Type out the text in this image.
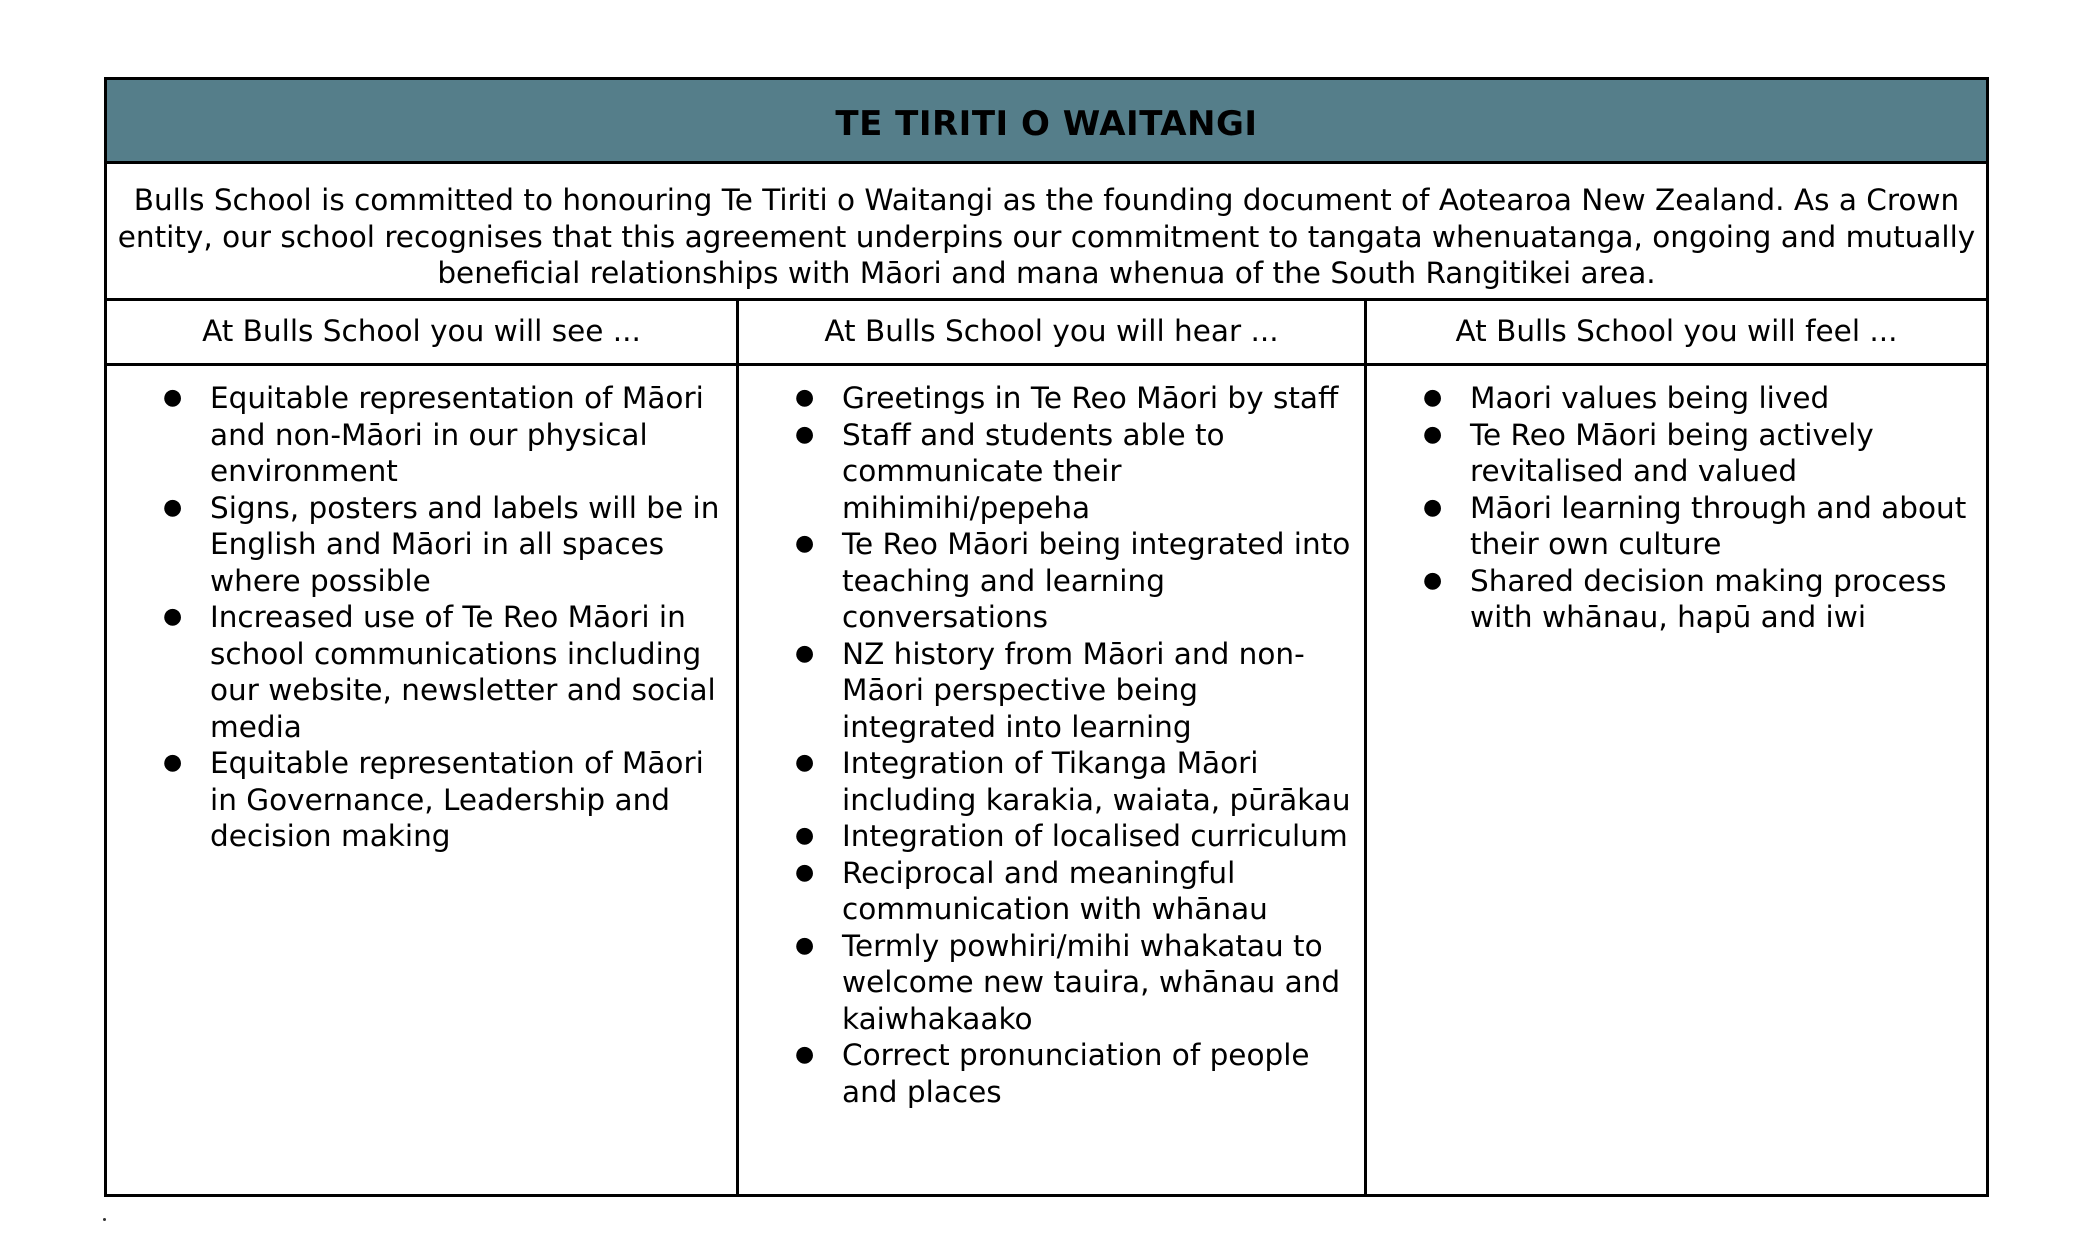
TE TIRITI O WAITANGI
Bulls School is committed to honouring Te Tiriti o Waitangi as the founding document of Aotearoa New Zealand. As a Crown entity, our school recognises that this agreement underpins our commitment to tangata whenuatanga, ongoing and mutually beneficial relationships with Māori and mana whenua of the South Rangitikei area.
At Bulls School you will see ...
● Equitable representation of Māori and non-Māori in our physical environment
● Signs, posters and labels will be in English and Māori in all spaces where possible
● Increased use of Te Reo Māori in school communications including our website, newsletter and social media
● Equitable representation of Māori in Governance, Leadership and decision making
At Bulls School you will hear ...
● Greetings in Te Reo Māori by staff
● Staff and students able to communicate their mihimihi/pepeha
● Te Reo Māori being integrated into teaching and learning conversations
● NZ history from Māori and non-Māori perspective being integrated into learning
● Integration of Tikanga Māori including karakia, waiata, pūrākau
● Integration of localised curriculum
● Reciprocal and meaningful communication with whānau
● Termly powhiri/mihi whakatau to welcome new tauira, whānau and kaiwhakaako
● Correct pronunciation of people and places
At Bulls School you will feel ...
● Maori values being lived
● Te Reo Māori being actively revitalised and valued
● Māori learning through and about their own culture
● Shared decision making process with whānau, hapū and iwi
